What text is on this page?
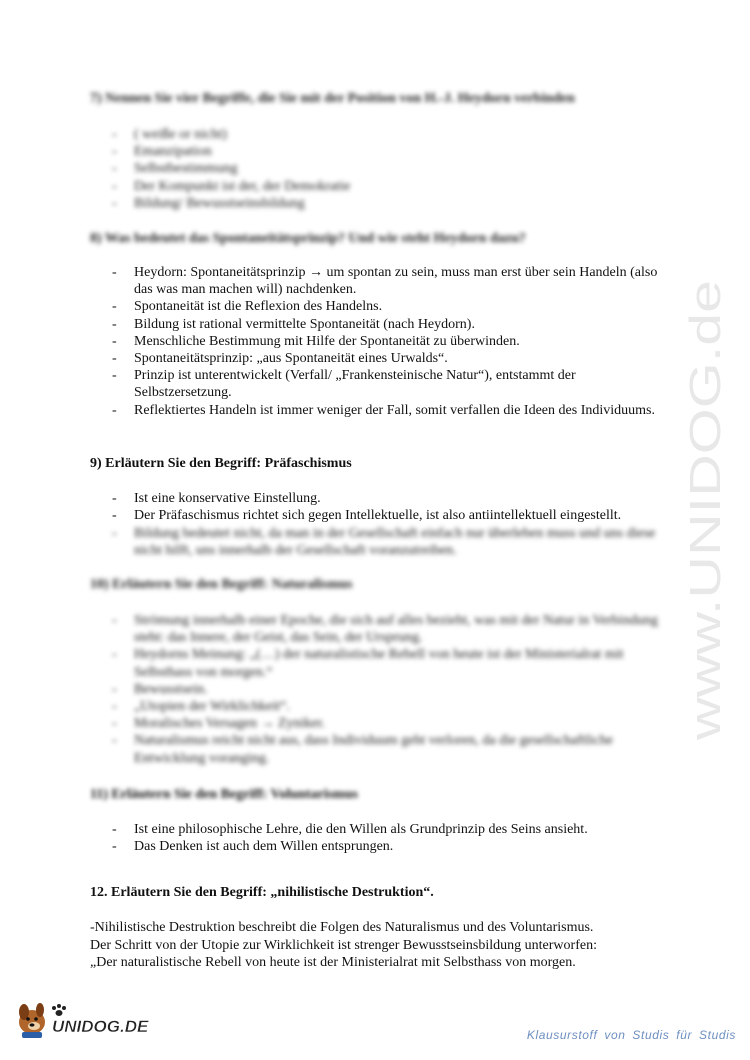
www.UNIDOG.de
7) Nennen Sie vier Begriffe, die Sie mit der Position von H.-J. Heydorn verbinden
- ( weiße or nicht)
- Emanzipation
- Selbstbestimmung
- Der Kompunkt ist der, der Demokratie
- Bildung/ Bewusstseinsbildung
8) Was bedeutet das Spontaneitätsprinzip? Und wie steht Heydorn dazu?
- Heydorn: Spontaneitätsprinzip → um spontan zu sein, muss man erst über sein Handeln (also das was man machen will) nachdenken.
- Spontaneität ist die Reflexion des Handelns.
- Bildung ist rational vermittelte Spontaneität (nach Heydorn).
- Menschliche Bestimmung mit Hilfe der Spontaneität zu überwinden.
- Spontaneitätsprinzip: „aus Spontaneität eines Urwalds“.
- Prinzip ist unterentwickelt (Verfall/ „Frankensteinische Natur“), entstammt der Selbstzersetzung.
- Reflektiertes Handeln ist immer weniger der Fall, somit verfallen die Ideen des Individuums.
9) Erläutern Sie den Begriff: Präfaschismus
- Ist eine konservative Einstellung.
- Der Präfaschismus richtet sich gegen Intellektuelle, ist also antiintellektuell eingestellt.
- Bildung bedeutet nicht, da man in der Gesellschaft einfach nur überleben muss und uns diese nicht hilft, uns innerhalb der Gesellschaft voranzutreiben.
10) Erläutern Sie den Begriff: Naturalismus
- Strömung innerhalb einer Epoche, die sich auf alles bezieht, was mit der Natur in Verbindung steht: das Innere, der Geist, das Sein, der Ursprung.
- Heydorns Meinung: „(…) der naturalistische Rebell von heute ist der Ministerialrat mit Selbsthass von morgen.“
- Bewusstsein.
- „Utopien der Wirklichkeit“.
- Moralisches Versagen → Zyniker.
- Naturalismus reicht nicht aus, dass Individuum geht verloren, da die gesellschaftliche Entwicklung voranging.
11) Erläutern Sie den Begriff: Voluntarismus
- Ist eine philosophische Lehre, die den Willen als Grundprinzip des Seins ansieht.
- Das Denken ist auch dem Willen entsprungen.
12. Erläutern Sie den Begriff: „nihilistische Destruktion“.
-Nihilistische Destruktion beschreibt die Folgen des Naturalismus und des Voluntarismus.
Der Schritt von der Utopie zur Wirklichkeit ist strenger Bewusstseinsbildung unterworfen:
„Der naturalistische Rebell von heute ist der Ministerialrat mit Selbsthass von morgen.
UNIDOG.DE	Klausurstoff von Studis für Studis
